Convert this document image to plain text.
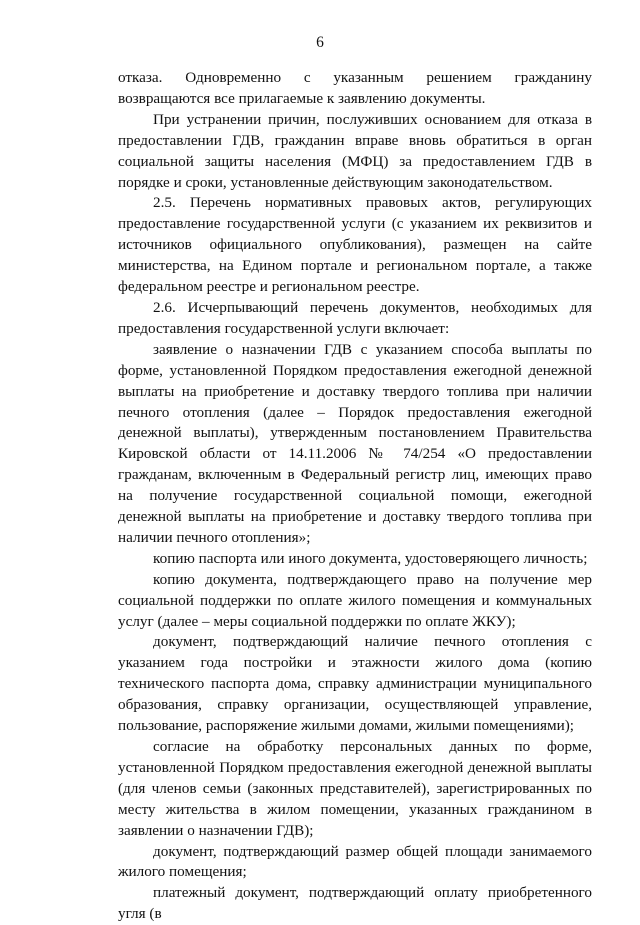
6

отказа. Одновременно с указанным решением гражданину возвращаются все прилагаемые к заявлению документы.

При устранении причин, послуживших основанием для отказа в предоставлении ГДВ, гражданин вправе вновь обратиться в орган социальной защиты населения (МФЦ) за предоставлением ГДВ в порядке и сроки, установленные действующим законодательством.

2.5. Перечень нормативных правовых актов, регулирующих предоставление государственной услуги (с указанием их реквизитов и источников официального опубликования), размещен на сайте министерства, на Едином портале и региональном портале, а также федеральном реестре и региональном реестре.

2.6. Исчерпывающий перечень документов, необходимых для предоставления государственной услуги включает:

заявление о назначении ГДВ с указанием способа выплаты по форме, установленной Порядком предоставления ежегодной денежной выплаты на приобретение и доставку твердого топлива при наличии печного отопления (далее – Порядок предоставления ежегодной денежной выплаты), утвержденным постановлением Правительства Кировской области от 14.11.2006 № 74/254 «О предоставлении гражданам, включенным в Федеральный регистр лиц, имеющих право на получение государственной социальной помощи, ежегодной денежной выплаты на приобретение и доставку твердого топлива при наличии печного отопления»;

копию паспорта или иного документа, удостоверяющего личность;

копию документа, подтверждающего право на получение мер социальной поддержки по оплате жилого помещения и коммунальных услуг (далее – меры социальной поддержки по оплате ЖКУ);

документ, подтверждающий наличие печного отопления с указанием года постройки и этажности жилого дома (копию технического паспорта дома, справку администрации муниципального образования, справку организации, осуществляющей управление, пользование, распоряжение жилыми домами, жилыми помещениями);

согласие на обработку персональных данных по форме, установленной Порядком предоставления ежегодной денежной выплаты (для членов семьи (законных представителей), зарегистрированных по месту жительства в жилом помещении, указанных гражданином в заявлении о назначении ГДВ);

документ, подтверждающий размер общей площади занимаемого жилого помещения;

платежный документ, подтверждающий оплату приобретенного угля (в
